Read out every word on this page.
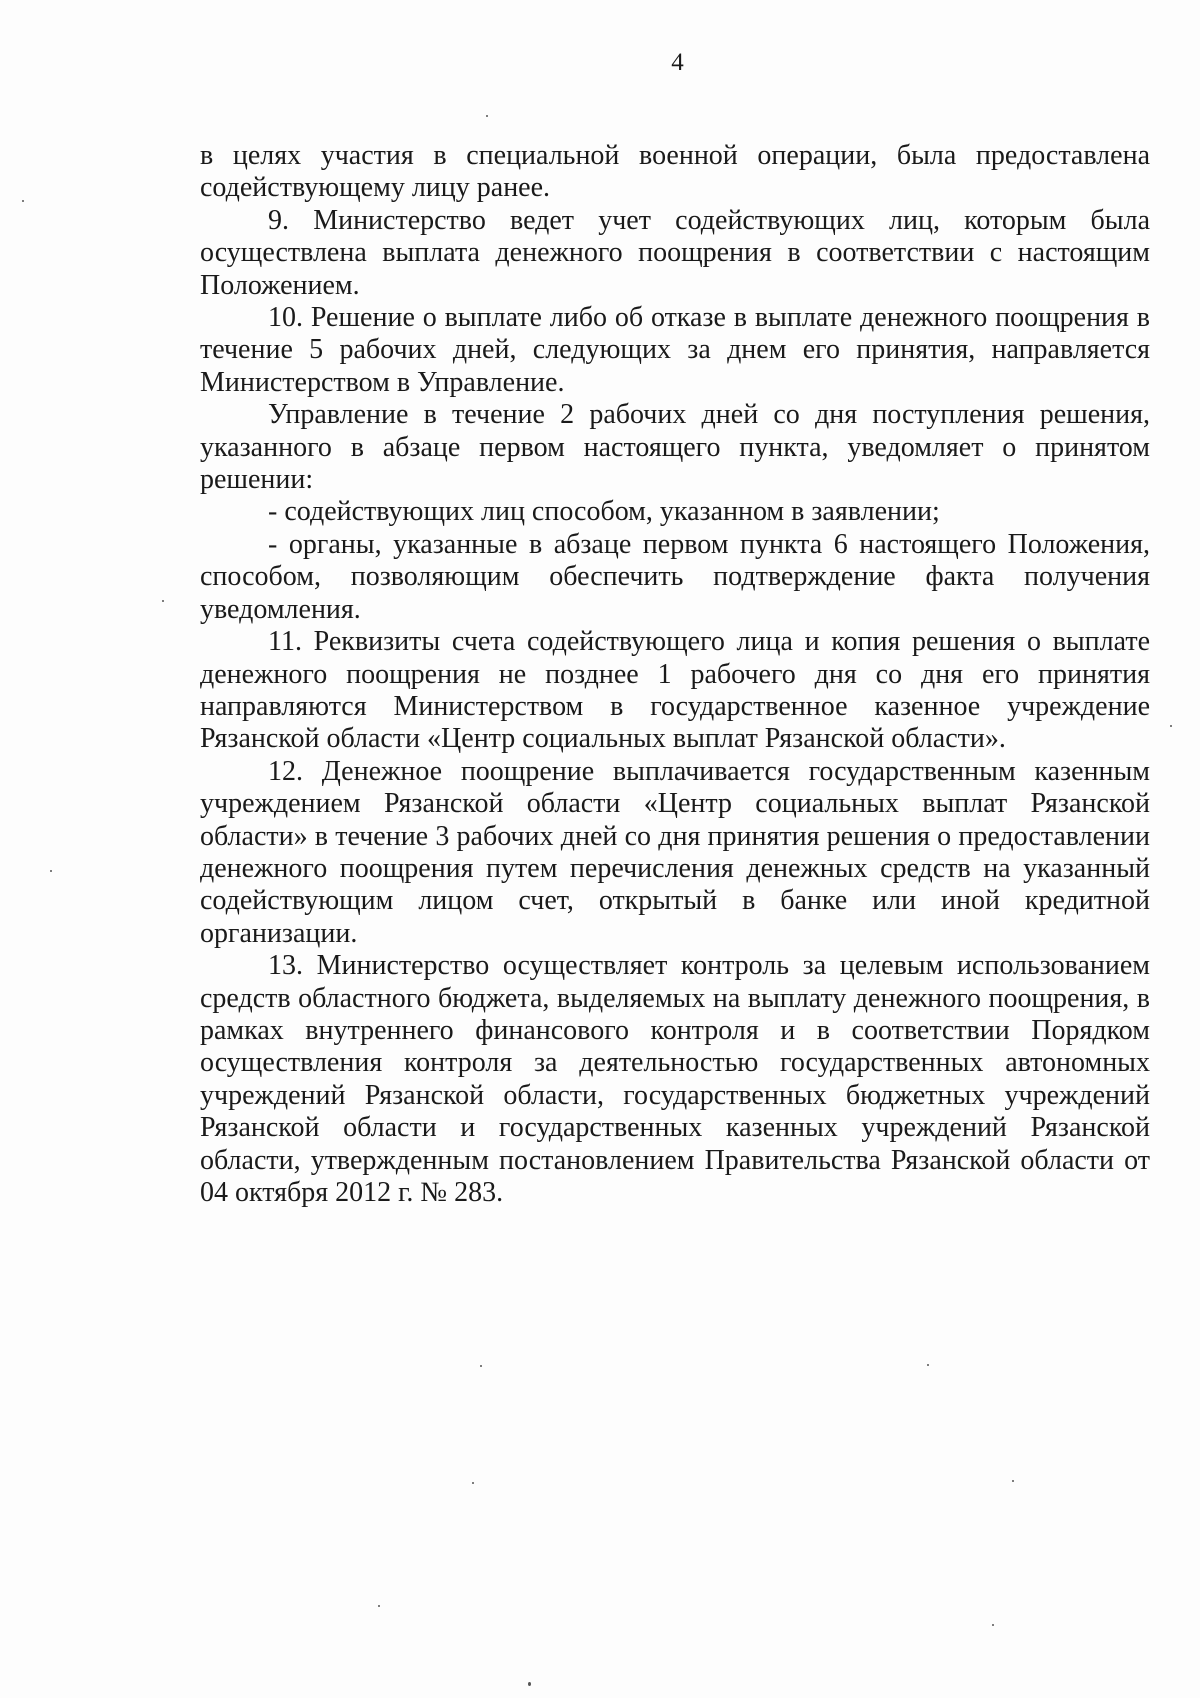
4

в целях участия в специальной военной операции, была предоставлена содействующему лицу ранее.

9. Министерство ведет учет содействующих лиц, которым была осуществлена выплата денежного поощрения в соответствии с настоящим Положением.

10. Решение о выплате либо об отказе в выплате денежного поощрения в течение 5 рабочих дней, следующих за днем его принятия, направляется Министерством в Управление.

Управление в течение 2 рабочих дней со дня поступления решения, указанного в абзаце первом настоящего пункта, уведомляет о принятом решении:

- содействующих лиц способом, указанном в заявлении;

- органы, указанные в абзаце первом пункта 6 настоящего Положения, способом, позволяющим обеспечить подтверждение факта получения уведомления.

11. Реквизиты счета содействующего лица и копия решения о выплате денежного поощрения не позднее 1 рабочего дня со дня его принятия направляются Министерством в государственное казенное учреждение Рязанской области «Центр социальных выплат Рязанской области».

12. Денежное поощрение выплачивается государственным казенным учреждением Рязанской области «Центр социальных выплат Рязанской области» в течение 3 рабочих дней со дня принятия решения о предоставлении денежного поощрения путем перечисления денежных средств на указанный содействующим лицом счет, открытый в банке или иной кредитной организации.

13. Министерство осуществляет контроль за целевым использованием средств областного бюджета, выделяемых на выплату денежного поощрения, в рамках внутреннего финансового контроля и в соответствии Порядком осуществления контроля за деятельностью государственных автономных учреждений Рязанской области, государственных бюджетных учреждений Рязанской области и государственных казенных учреждений Рязанской области, утвержденным постановлением Правительства Рязанской области от 04 октября 2012 г. № 283.
